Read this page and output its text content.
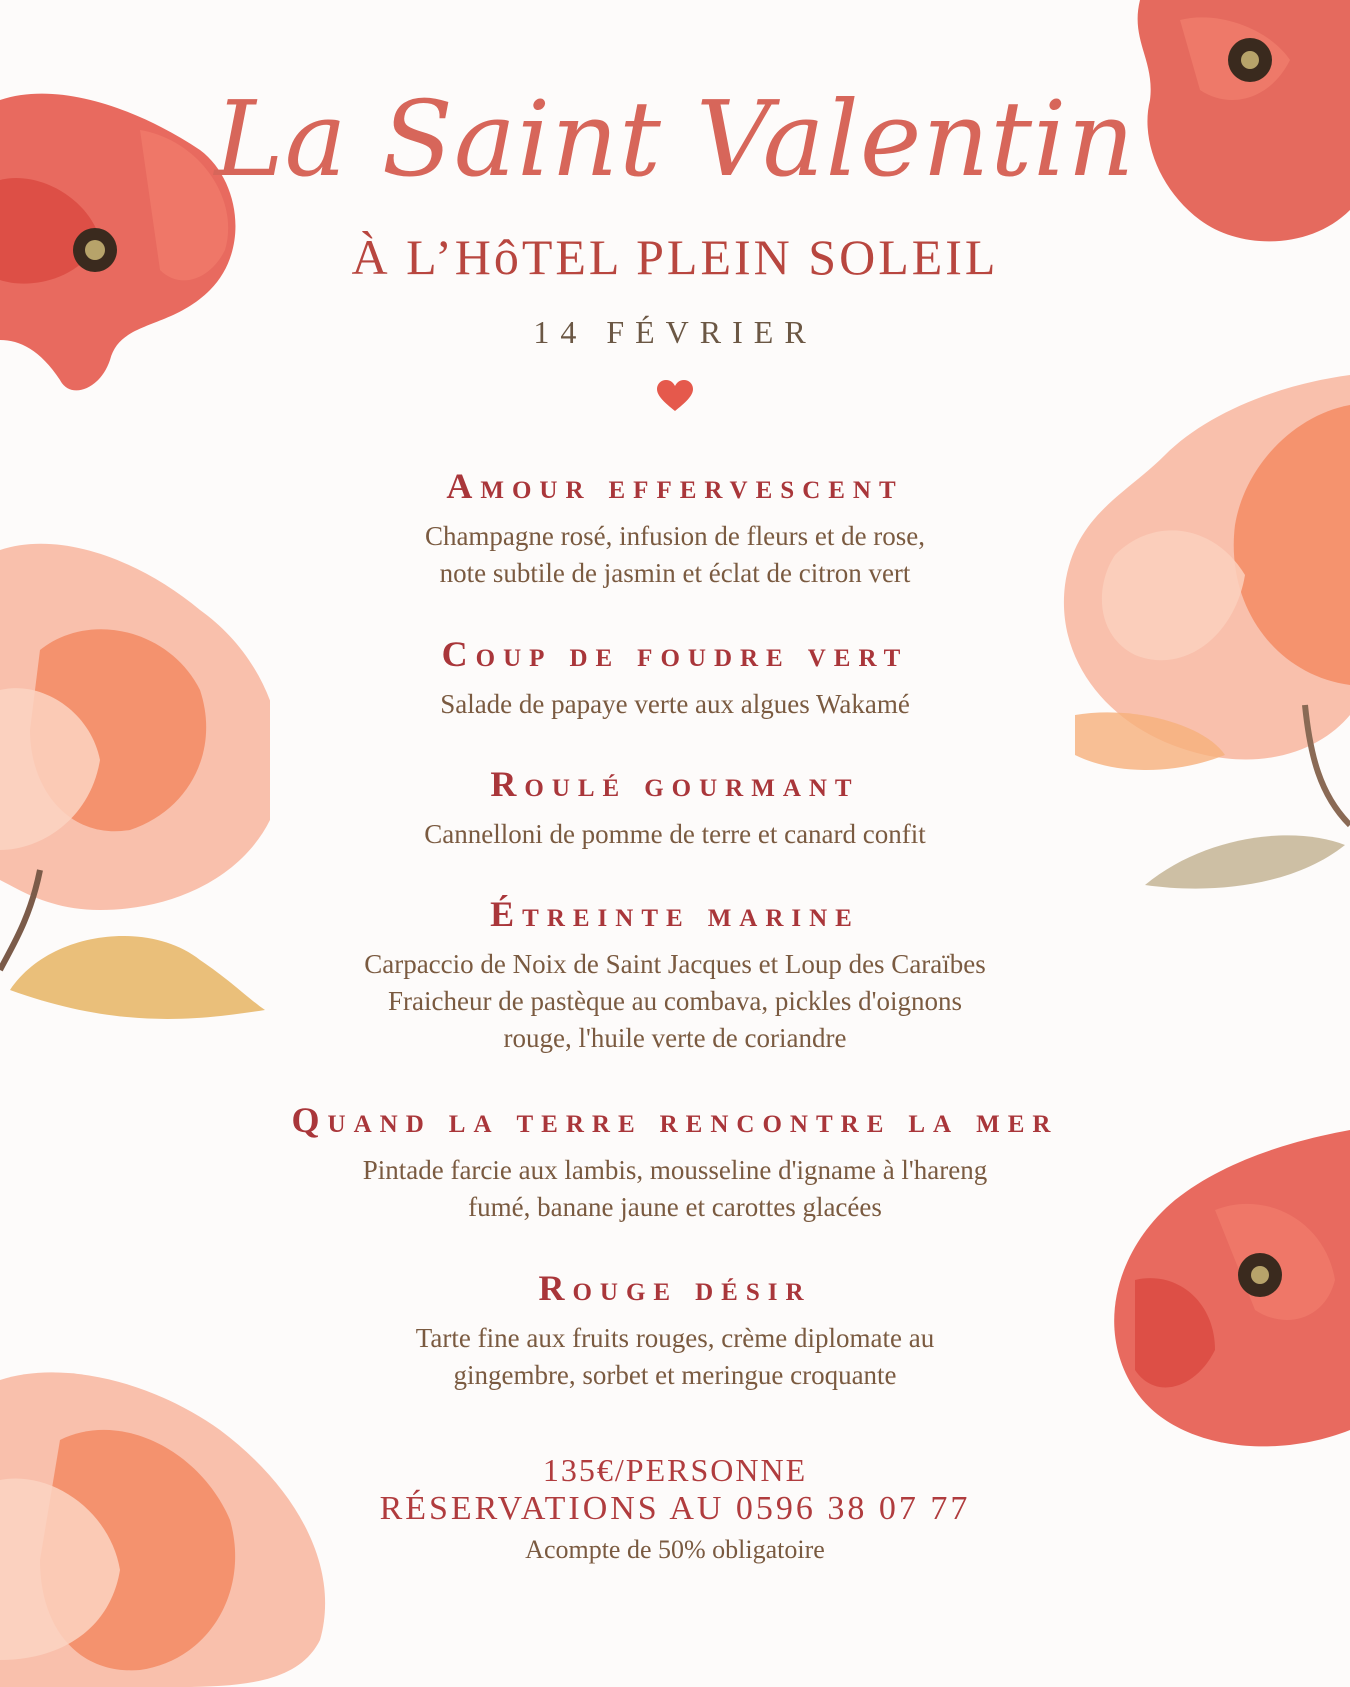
La Saint Valentin
À L’HôTEL PLEIN SOLEIL
14 FÉVRIER
Amour effervescent
Champagne rosé, infusion de fleurs et de rose,
note subtile de jasmin et éclat de citron vert
Coup de foudre vert
Salade de papaye verte aux algues Wakamé
Roulé gourmant
Cannelloni de pomme de terre et canard confit
Étreinte marine
Carpaccio de Noix de Saint Jacques et Loup des Caraïbes
Fraicheur de pastèque au combava, pickles d'oignons
rouge, l'huile verte de coriandre
Quand la terre rencontre la mer
Pintade farcie aux lambis, mousseline d'igname à l'hareng
fumé, banane jaune et carottes glacées
Rouge désir
Tarte fine aux fruits rouges, crème diplomate au
gingembre, sorbet et meringue croquante
135€/PERSONNE
RÉSERVATIONS AU 0596 38 07 77
Acompte de 50% obligatoire
